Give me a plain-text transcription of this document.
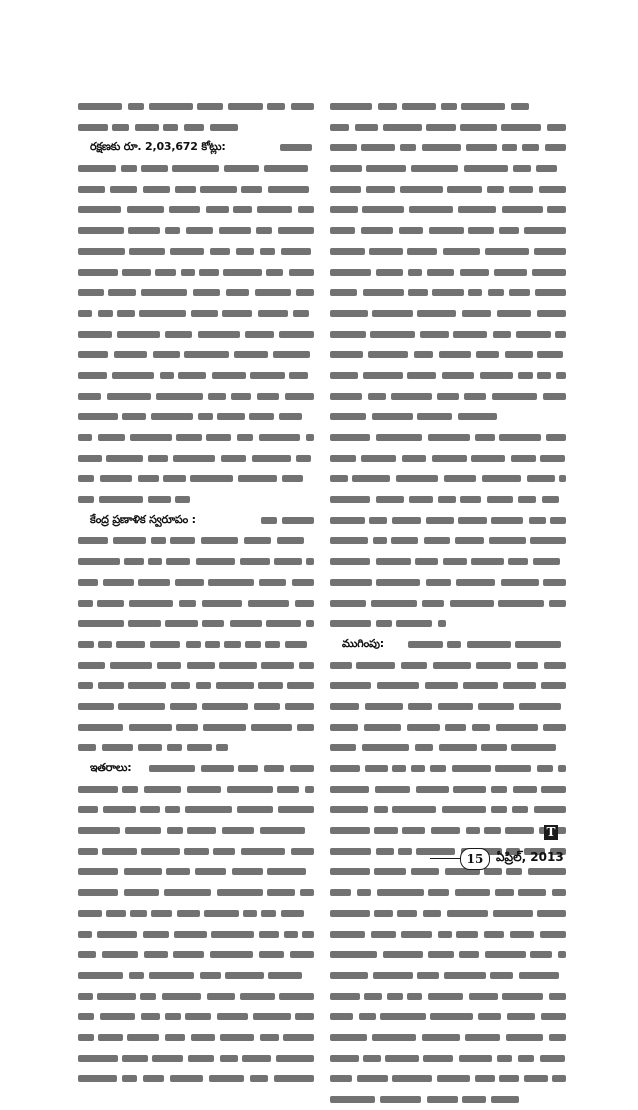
రక్షణకు రూ. 2,03,672 కోట్లు:
కేంద్ర ప్రణాళిక స్వరూపం :
ఇతరాలు:
ముగింపు:
T
15	ఏప్రిల్, 2013
